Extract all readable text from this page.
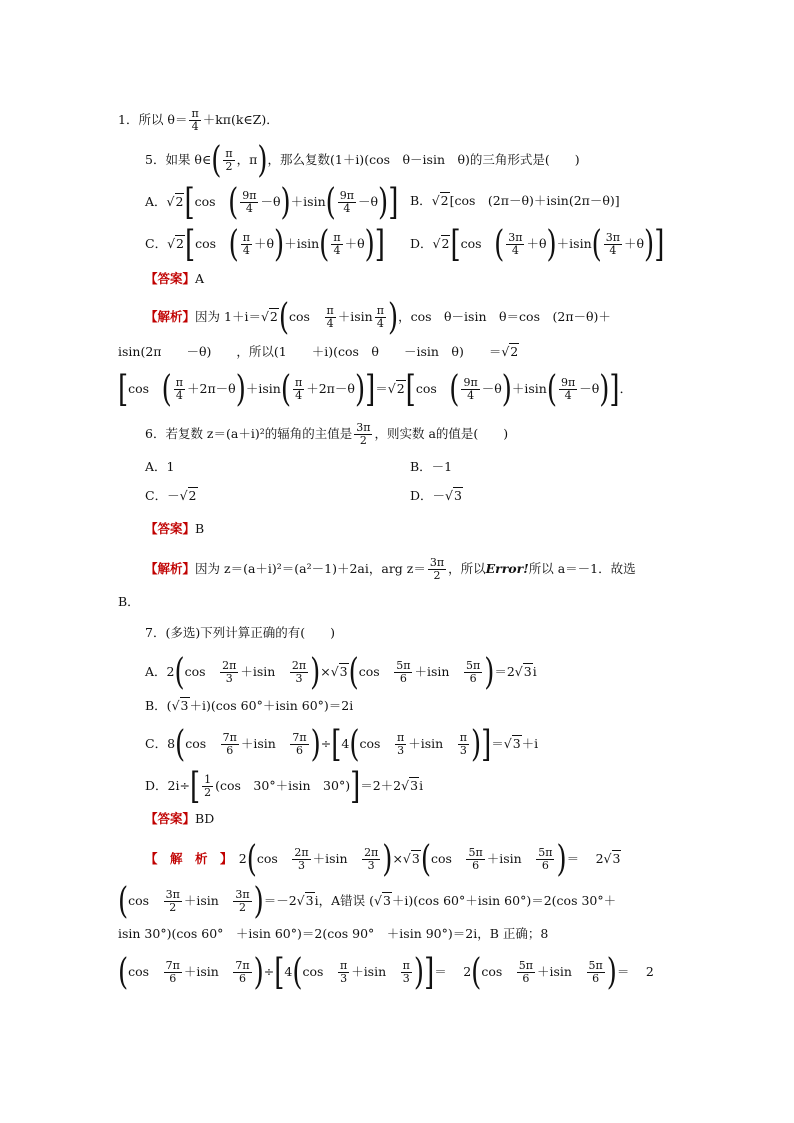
1．所以 $\theta= \frac{\pi}{4}$ ＋kπ(k∈Z)．
5．如果 θ∈( $\frac{\pi}{2}$ ，π)，那么复数(1＋i)(cos　θ－isin　θ)的三角形式是(　　)
A．√2[cos　 ( $\frac{9\pi}{4} -\theta)+isin( \frac{9\pi}{4} -\theta)$] B．√2[cos　(2π－θ)＋isin(2π－θ)]
C．√2[cos　 ( $\frac{\pi}{4} +\theta)+isin( \frac{\pi}{4} +\theta)$] D．√2[cos　 ( $\frac{3\pi}{4} +\theta)+isin( \frac{3\pi}{4} +\theta)$]
【答案】A
【解析】因为 1＋i＝√2(cos　 $\frac{\pi}{4} +isin \frac{\pi}{4}$ )，cos　θ－isin　θ＝cos　(2π－θ)＋
isin(2π　　－θ)　　，所以(1　　＋i)(cos　θ　　－isin　θ)　　＝√2
[cos　 ( $\frac{\pi}{4} +2\pi-\theta)+isin( \frac{\pi}{4} +2\pi-\theta)]=√2[\cos$　 ( $\frac{9\pi}{4} -\theta)+isin( \frac{9\pi}{4} -\theta)$]．
6．若复数 z＝(a＋i)²的辐角的主值是 $\frac{3\pi}{2}$ ，则实数 a的值是(　　)
A．1	B．－1
C．－√2	D．－√3
【答案】B
【解析】因为 z＝(a＋i)²＝(a²－1)＋2ai，arg $z= \frac{3\pi}{2}$ ，所以Error!所以 a＝－1．故选
B．
7．(多选)下列计算正确的有(　　)
A．2(cos　 $\frac{2\pi}{3} +isin$　 $\frac{2\pi}{3} )\times√3(\cos$　 $\frac{5\pi}{6} +isin$　 $\frac{5\pi}{6} )=2√3i$
B．(√3＋i)(cos 60°＋isin 60°)＝2i
C．8(cos　 $\frac{7\pi}{6} +isin$　 $\frac{7\pi}{6} )\div[4(\cos$　 $\frac{\pi}{3} +isin$　 $\frac{\pi}{3} )]=√3+i$
D．$2i\div[ \frac{1}{2} (\cos$　30°＋isin　30°)]＝2＋2√3i
【答案】BD
【　解　析　】　2(cos　 $\frac{2\pi}{3} +isin$　 $\frac{2\pi}{3} )\times√3(\cos$　 $\frac{5\pi}{6} +isin$　 $\frac{5\pi}{6}$ )＝　 2√3
(cos　 $\frac{3\pi}{2} +isin$　 $\frac{3\pi}{2} )=-2√3i$，A错误 (√3＋i)(cos 60°＋isin 60°)＝2(cos 30°＋
isin 30°)(cos 60°　＋isin 60°)＝2(cos 90°　＋isin 90°)＝2i，B 正确；8
(cos　 $\frac{7\pi}{6} +isin$　 $\frac{7\pi}{6} )\div[4(\cos$　 $\frac{\pi}{3} +isin$　 $\frac{\pi}{3}$ )]＝　 2(cos　 $\frac{5\pi}{6} +isin$　 $\frac{5\pi}{6}$ )＝　 2
